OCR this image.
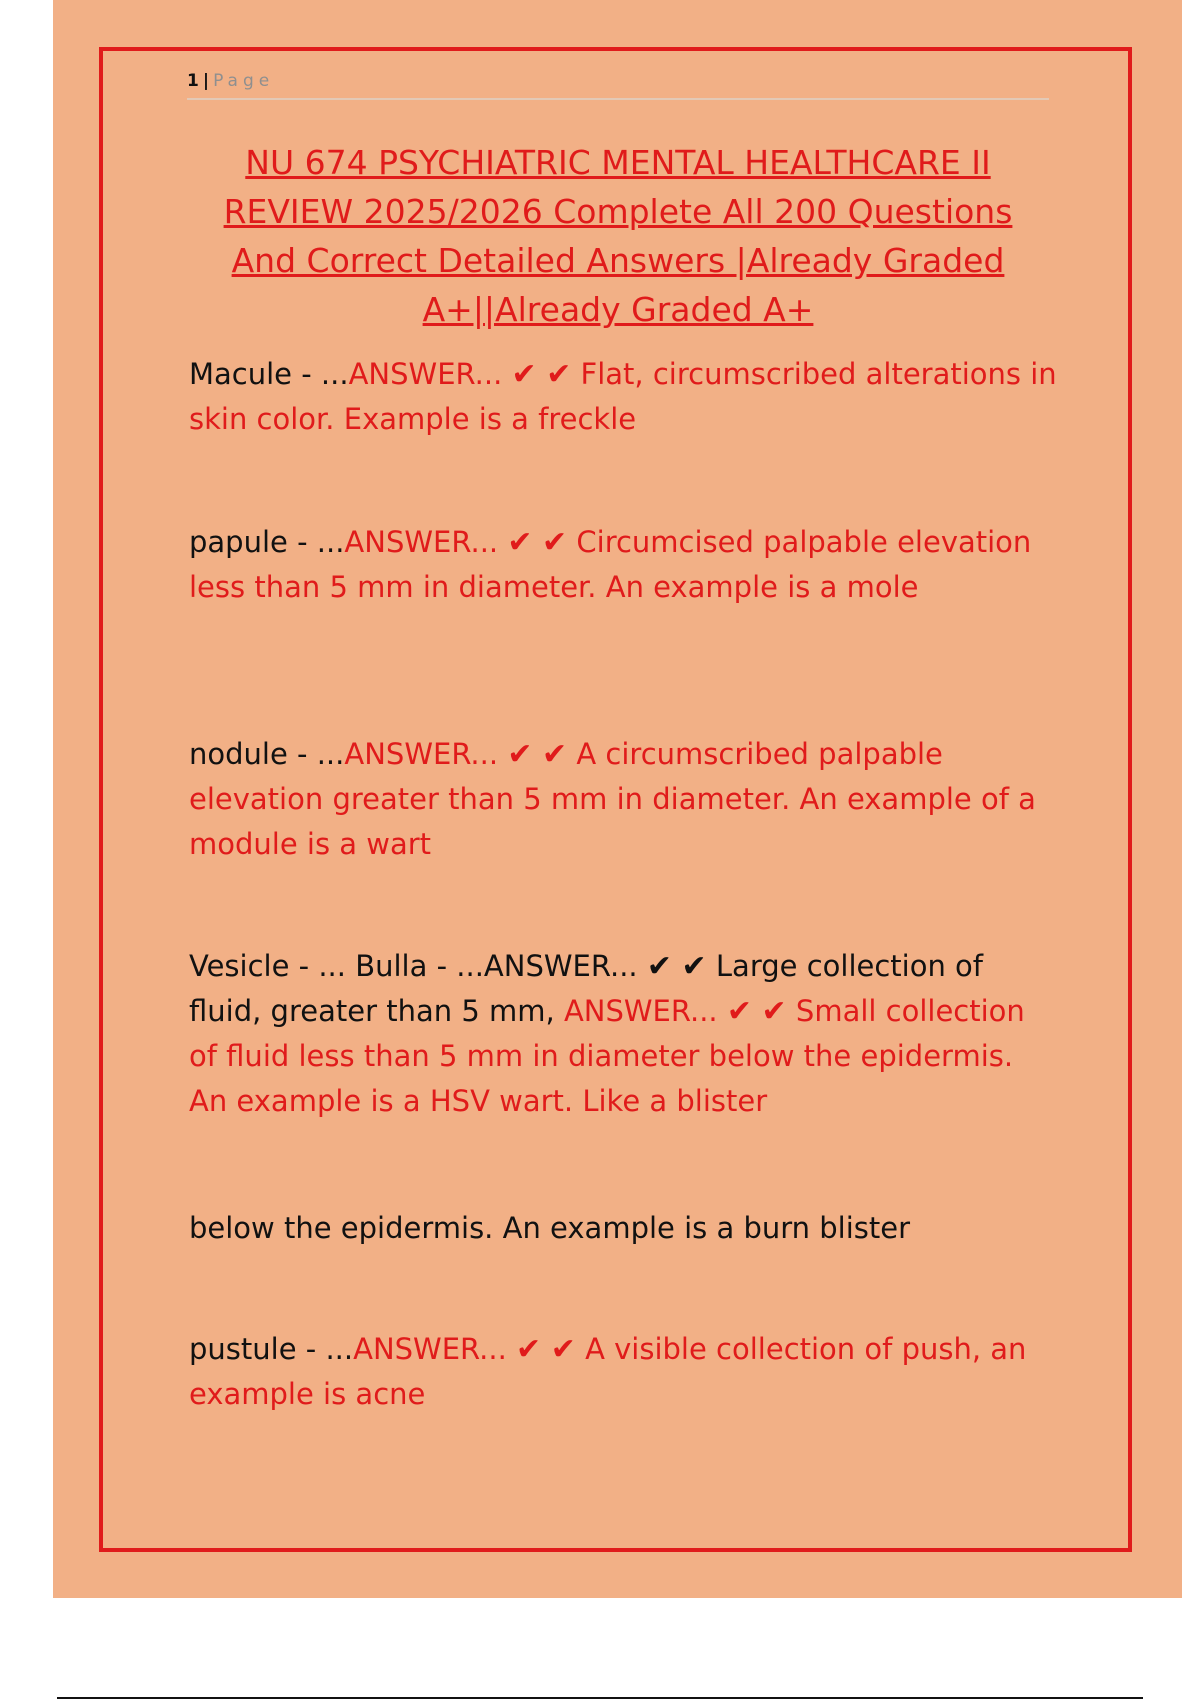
1 | Page
NU 674 PSYCHIATRIC MENTAL HEALTHCARE II REVIEW 2025/2026 Complete All 200 Questions And Correct Detailed Answers |Already Graded A+||Already Graded A+
Macule - ...ANSWER... ✔ ✔ Flat, circumscribed alterations in skin color. Example is a freckle
papule - ...ANSWER... ✔ ✔ Circumcised palpable elevation less than 5 mm in diameter. An example is a mole
nodule - ...ANSWER... ✔ ✔ A circumscribed palpable elevation greater than 5 mm in diameter. An example of a module is a wart
Vesicle - ... Bulla - ...ANSWER... ✔ ✔ Large collection of fluid, greater than 5 mm, ANSWER... ✔ ✔ Small collection of fluid less than 5 mm in diameter below the epidermis. An example is a HSV wart. Like a blister
below the epidermis. An example is a burn blister
pustule - ...ANSWER... ✔ ✔ A visible collection of push, an example is acne
